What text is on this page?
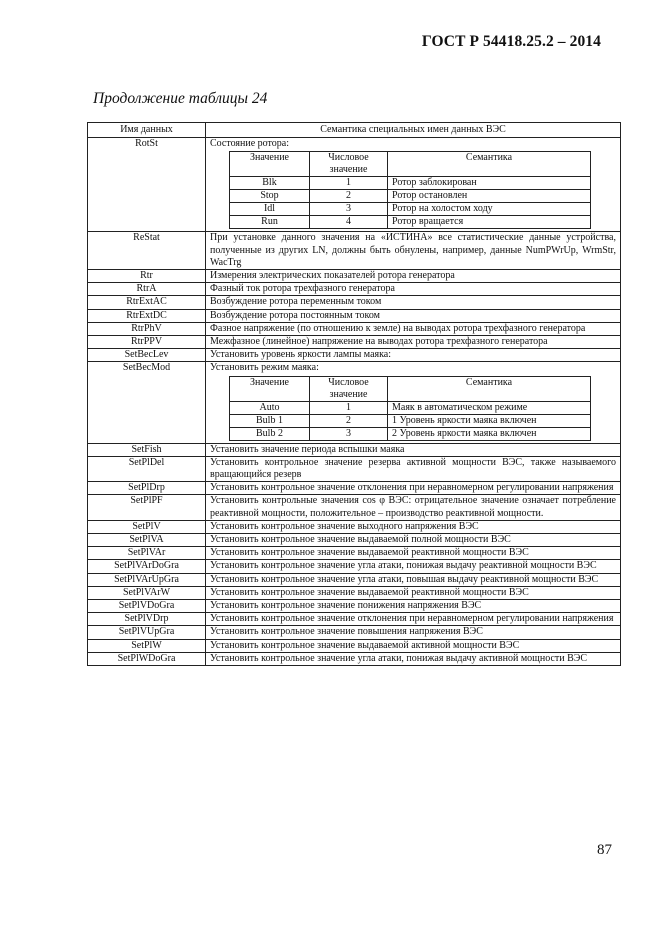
ГОСТ Р 54418.25.2 – 2014
Продолжение таблицы 24
Имя данных	Семантика специальных имен данных ВЭС
RotSt	Состояние ротора:
Значение	Числовое значение	Семантика
Blk	1	Ротор заблокирован
Stop	2	Ротор остановлен
Idl	3	Ротор на холостом ходу
Run	4	Ротор вращается

ReStat	При установке данного значения на «ИСТИНА» все статистические данные устройства, полученные из других LN, должны быть обнулены, например, данные NumPWrUp, WrmStr, WacTrg

Rtr	Измерения электрических показателей ротора генератора

RtrA	Фазный ток ротора трехфазного генератора

RtrExtAC	Возбуждение ротора переменным током

RtrExtDC	Возбуждение ротора постоянным током

RtrPhV	Фазное напряжение (по отношению к земле) на выводах ротора трехфазного генератора

RtrPPV	Межфазное (линейное) напряжение на выводах ротора трехфазного генератора

SetBecLev	Установить уровень яркости лампы маяка:

SetBecMod	Установить режим маяка:
Значение	Числовое значение	Семантика
Auto	1	Маяк в автоматическом режиме
Bulb 1	2	1 Уровень яркости маяка включен
Bulb 2	3	2 Уровень яркости маяка включен

SetFish	Установить значение периода вспышки маяка

SetPlDel	Установить контрольное значение резерва активной мощности ВЭС, также называемого вращающийся резерв

SetPlDrp	Установить контрольное значение отклонения при неравномерном регулировании напряжения

SetPlPF	Установить контрольные значения cos φ ВЭС: отрицательное значение означает потребление реактивной мощности, положительное – производство реактивной мощности.

SetPlV	Установить контрольное значение выходного напряжения ВЭС

SetPlVA	Установить контрольное значение выдаваемой полной мощности ВЭС

SetPlVAr	Установить контрольное значение выдаваемой реактивной мощности ВЭС

SetPlVArDoGra	Установить контрольное значение угла атаки, понижая выдачу реактивной мощности ВЭС

SetPlVArUpGra	Установить контрольное значение угла атаки, повышая выдачу реактивной мощности ВЭС

SetPlVArW	Установить контрольное значение выдаваемой реактивной мощности ВЭС

SetPlVDoGra	Установить контрольное значение понижения напряжения ВЭС

SetPlVDrp	Установить контрольное значение отклонения при неравномерном регулировании напряжения

SetPlVUpGra	Установить контрольное значение повышения напряжения ВЭС

SetPlW	Установить контрольное значение выдаваемой активной мощности ВЭС

SetPlWDoGra	Установить контрольное значение угла атаки, понижая выдачу активной мощности ВЭС
87
